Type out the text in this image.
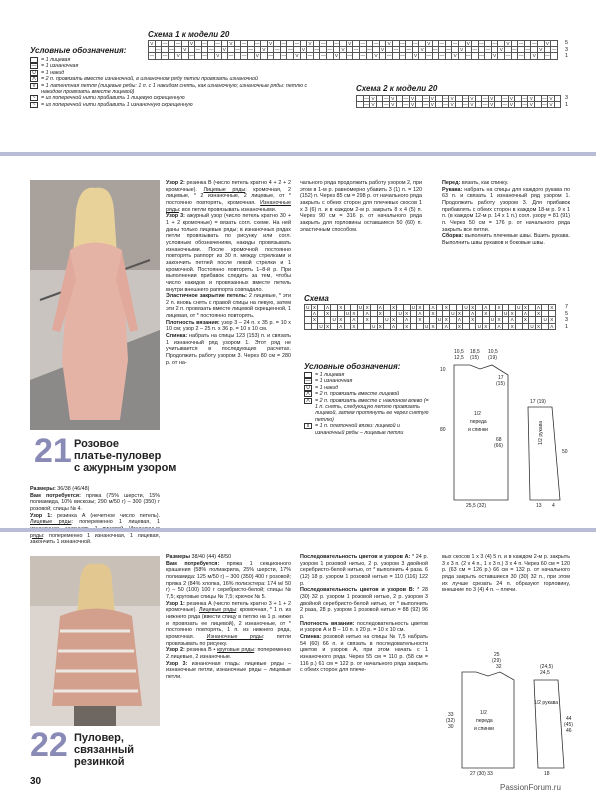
Условные обозначения:
= 1 лицевая
— = 1 изнаночная
U = 1 накид
Λ	= 2 п. провязать вместе изнаночной, в изнаночном ряду петли провязать изнаночной
V	= 1 латентная петля (лицевые ряды: 1 п. с 1 накидом снять, как изнаночную; изнаночные ряды: петлю с накидом провязать вместе лицевой)
~	= из поперечной нити прибавить 1 лицевую скрещенную
~	= из поперечной нити прибавить 1 изнаночную скрещенную
Схема 1 к модели 20
V		—		—		V		—		—		V		—		—		V		—		—		V		—		—		V		—		—		V		—		—		V		—		—		V		—		—		V		—		—		V	
	—		—		V		—		—		V		—		—		V		—		—		V		—		—		V		—		—		V		—		—		V		—		—		V		—		—		V		—		—		V		—
—		—		V		—		—		V		—		—		V		—		—		V		—		—		V		—		—		V		—		—		V		—		—		V		—		—		V		—		—		V		—	
5
3
1
Схема 2 к модели 20
	—	V		—	V		—	V		—	V		—	V		—	V		—	V		—	V		—	V		—	V	
	—	V		—	V		—	V		—	V		—	V		—	V		—	V		—	V		—	V		—	V	
3
1
21 Розовое
платье-пуловер
с ажурным узором

Размеры: 36/38 (46/48)

Вам потребуется: пряжа (75% шерсти, 15% полиамида, 10% вискозы; 290 м/50 г) – 300 (350) г розовой; спицы № 4.

Узор 1: резинка А (нечетное число петель). Лицевые ряды: попеременно 1 лицевая, 1 ряды: попеременно 1 изнаночная, 1 лицевая, закончить 1 изнаночной.

Узор 2: резинка В (число петель кратно 4 + 2 + 2 кромочные). Лицевые ряды: кромочная, 2 лицевые, * 2 изнаночные, 2 лицевые, от * постоянно повторять, кромочная. Изнаночные ряды: все петли провязывать изнаночными.

Узор 3: ажурный узор (число петель кратно 30 + 1 + 2 кромочные) = вязать согл. схеме. На ней даны только лицевые ряды; в изнаночных рядах петли провязывать по рисунку или согл. условным обозначениям, накиды провязывать изнаночными. После кромочной постоянно повторять раппорт из 30 п. между стрелками и закончить петлей после левой стрелки и 1 кромочной. Постоянно повторять 1–8-й р. При выполнении прибавок следить за тем, чтобы число накидов и провязанных вместе петель внутри внешнего раппорта совпадало.

Эластичное закрытие петель: 2 лицевые, * эти 2 п. вновь снять с правой спицы на левую, затем эти 2 п. провязать вместе лицевой скрещенной, 1 лицевая, от * постоянно повторять.

Плотность вязания: узор 3 – 24 п. х 35 р. = 10 х 10 см; узор 2 – 25 п. х 36 р. = 10 х 10 см.

Спинка: набрать на спицы 123 (153) п. и связать 1 изнаночный ряд узором 1. Этот ряд не учитывается в последующих расчетах. Продолжить работу узором 3. Через 80 см = 280 р. от на-

чального ряда продолжить работу узором 2, при этом в 1-м р. равномерно убавить 3 (1) п. = 120 (152) п. Через 85 см = 298 р. от начального ряда закрыть с обеих сторон для плечевых скосов 1 х 3 (6) п. и в каждом 2-м р. закрыть 8 х 4 (5) п. Через 90 см = 316 р. от начального ряда закрыть для горловины оставшиеся 50 (60) п. эластичным способом.

Перед: вязать, как спинку.

Рукава: набрать на спицы для каждого рукава по 63 п. и связать 1 изнаночный ряд узором 1. Продолжить работу узором 3. Для прибавок прибавлять с обеих сторон в каждом 18-м р. 9 х 1 п. (в каждом 12-м р. 14 х 1 п.) согл. узору = 81 (91) п. Через 50 см = 176 р. от начального ряда закрыть все петли.

Сборка: выполнить плечевые швы. Вшить рукава. Выполнить швы рукавов и боковые швы.

Схема
U	X		Λ		X			U	X		Λ		X			U	X		Λ		X			U	X		Λ		X			U	X		Λ		X
	Λ		X			U	X		Λ		X			U	X		Λ		X			U	X		Λ		X			U	X		Λ		X		
	X			U	X		Λ		X			U	X		Λ		X			U	X		Λ		X			U	X		Λ		X			U	X
		U	X		Λ		X			U	X		Λ		X			U	X		Λ		X			U	X		Λ		X			U	X		Λ
7
5
3
1
Условные обозначения:
= 1 лицевая
— = 1 изнаночная
U = 1 накид
Λ	= 2 п. провязать вместе лицевой
Λ	= 2 п. провязать вместе с наклоном влево (= 1 п. снять, следующую петлю провязать лицевой, затем протянуть ее через снятую петлю)
x	= 1 п. платочной вязки: лицевой и изнаночный ряды – лицевые петли
10,5 18,5 10,5
12,5 (15) (19)
10
17
(15)
80
1/2
переда
и спинки
68
(66)
25,5 (32)
17 (19)
1/2 рукава
50
13 4
22 Пуловер,
связанный
резинкой

Размеры 38/40 (44) 48/50

Вам потребуется: пряжа 1 секционного крашения (58% полиакрила, 25% шерсти, 17% полиамида: 125 м/50 г) – 300 (350) 400 г розовой; пряжа 2 (84% хлопка, 16% полиэстера: 174 м/ 50 г) – 50 (100) 100 г серебристо-белой; спицы № 7,5; круговые спицы № 7,5; крючок № 5.

Узор 1: резинка А (число петель кратно 3 + 1 + 2 кромочные). Лицевые ряды: кромочная, * 1 п. из нижнего ряда (ввести спицу в петлю на 1 р. ниже и провязать ее лицевой), 2 изнаночные, от * постоянно повторять, 1 п. из нижнего ряда, кромочная. Изнаночные ряды: петли провязывать по рисунку.

Узор 2: резинка В • круговые ряды: попеременно 2 лицевые, 2 изнаночные.

Узор 3: изнаночная гладь: лицевые ряды – изнаночные петли, изнаночные ряды – лицевые петли.

Последовательность цветов и узоров А: * 24 р. узором 1 розовой нитью, 2 р. узором 3 двойной серебристо-белой нитью, от * выполнить 4 раза. 6 (12) 18 р. узором 1 розовой нитью = 110 (116) 122 р.

Последовательность цветов и узоров В: * 28 (30) 32 р. узором 1 розовой нитью, 2 р. узором 3 двойной серебристо-белой нитью, от * выполнить 2 раза, 28 р. узором 1 розовой нитью = 88 (92) 96 р.

Плотность вязания: последовательность цветов и узоров А и В – 10 п. х 20 р. = 10 х 10 см.

Спинка: розовой нитью на спицы № 7,5 набрать 54 (60) 66 п. и связать в последовательности цветов и узоров А, при этом начать с 1 изнаночного ряда. Через 55 см = 110 р. (58 см = 116 р.) 61 см = 122 р. от начального ряда закрыть с обеих сторон для плече-

вых скосов 1 х 3 (4) 5 п. и в каждом 2-м р. закрыть 3 х 3 п. (2 х 4 п., 1 х 3 п.) 3 х 4 п. Через 60 см = 120 р. (63 см = 126 р.) 66 см = 132 р. от начального ряда закрыть оставшиеся 30 (30) 32 п., при этом их лучше срезать 24 п. образуют горловину, внешние по 3 (4) 4 п. – плечи.

25
(29)
32	(24,5)
24,5
1/2
переда
и спинки
33
(32)
30
44
(45)
46
1/2 рукава
27 (30) 33	18
30
PassionForum.ru
